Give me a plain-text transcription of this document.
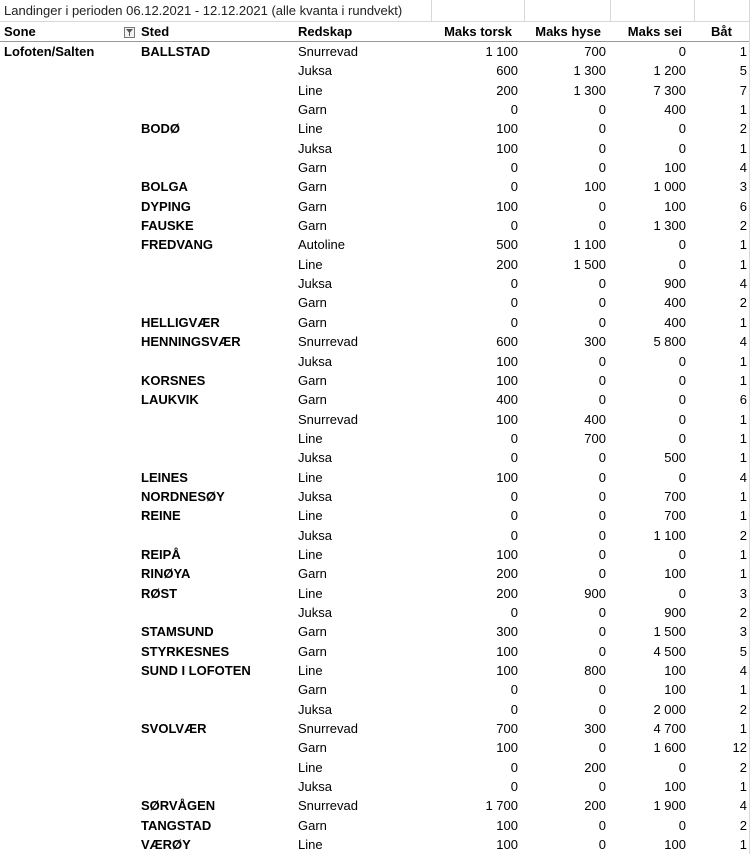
Landinger i perioden 06.12.2021 - 12.12.2021 (alle kvanta i rundvekt)
Sone	Sted	Redskap	Maks torsk	Maks hyse	Maks sei	Båt
Lofoten/Salten	BALLSTAD	Snurrevad	1 100	700	0	1
Juksa	600	1 300	1 200	5
Line	200	1 300	7 300	7
Garn	0	0	400	1
BODØ	Line	100	0	0	2
Juksa	100	0	0	1
Garn	0	0	100	4
BOLGA	Garn	0	100	1 000	3
DYPING	Garn	100	0	100	6
FAUSKE	Garn	0	0	1 300	2
FREDVANG	Autoline	500	1 100	0	1
Line	200	1 500	0	1
Juksa	0	0	900	4
Garn	0	0	400	2
HELLIGVÆR	Garn	0	0	400	1
HENNINGSVÆR	Snurrevad	600	300	5 800	4
Juksa	100	0	0	1
KORSNES	Garn	100	0	0	1
LAUKVIK	Garn	400	0	0	6
Snurrevad	100	400	0	1
Line	0	700	0	1
Juksa	0	0	500	1
LEINES	Line	100	0	0	4
NORDNESØY	Juksa	0	0	700	1
REINE	Line	0	0	700	1
Juksa	0	0	1 100	2
REIPÅ	Line	100	0	0	1
RINØYA	Garn	200	0	100	1
RØST	Line	200	900	0	3
Juksa	0	0	900	2
STAMSUND	Garn	300	0	1 500	3
STYRKESNES	Garn	100	0	4 500	5
SUND I LOFOTEN	Line	100	800	100	4
Garn	0	0	100	1
Juksa	0	0	2 000	2
SVOLVÆR	Snurrevad	700	300	4 700	1
Garn	100	0	1 600	12
Line	0	200	0	2
Juksa	0	0	100	1
SØRVÅGEN	Snurrevad	1 700	200	1 900	4
TANGSTAD	Garn	100	0	0	2
VÆRØY	Line	100	0	100	1
